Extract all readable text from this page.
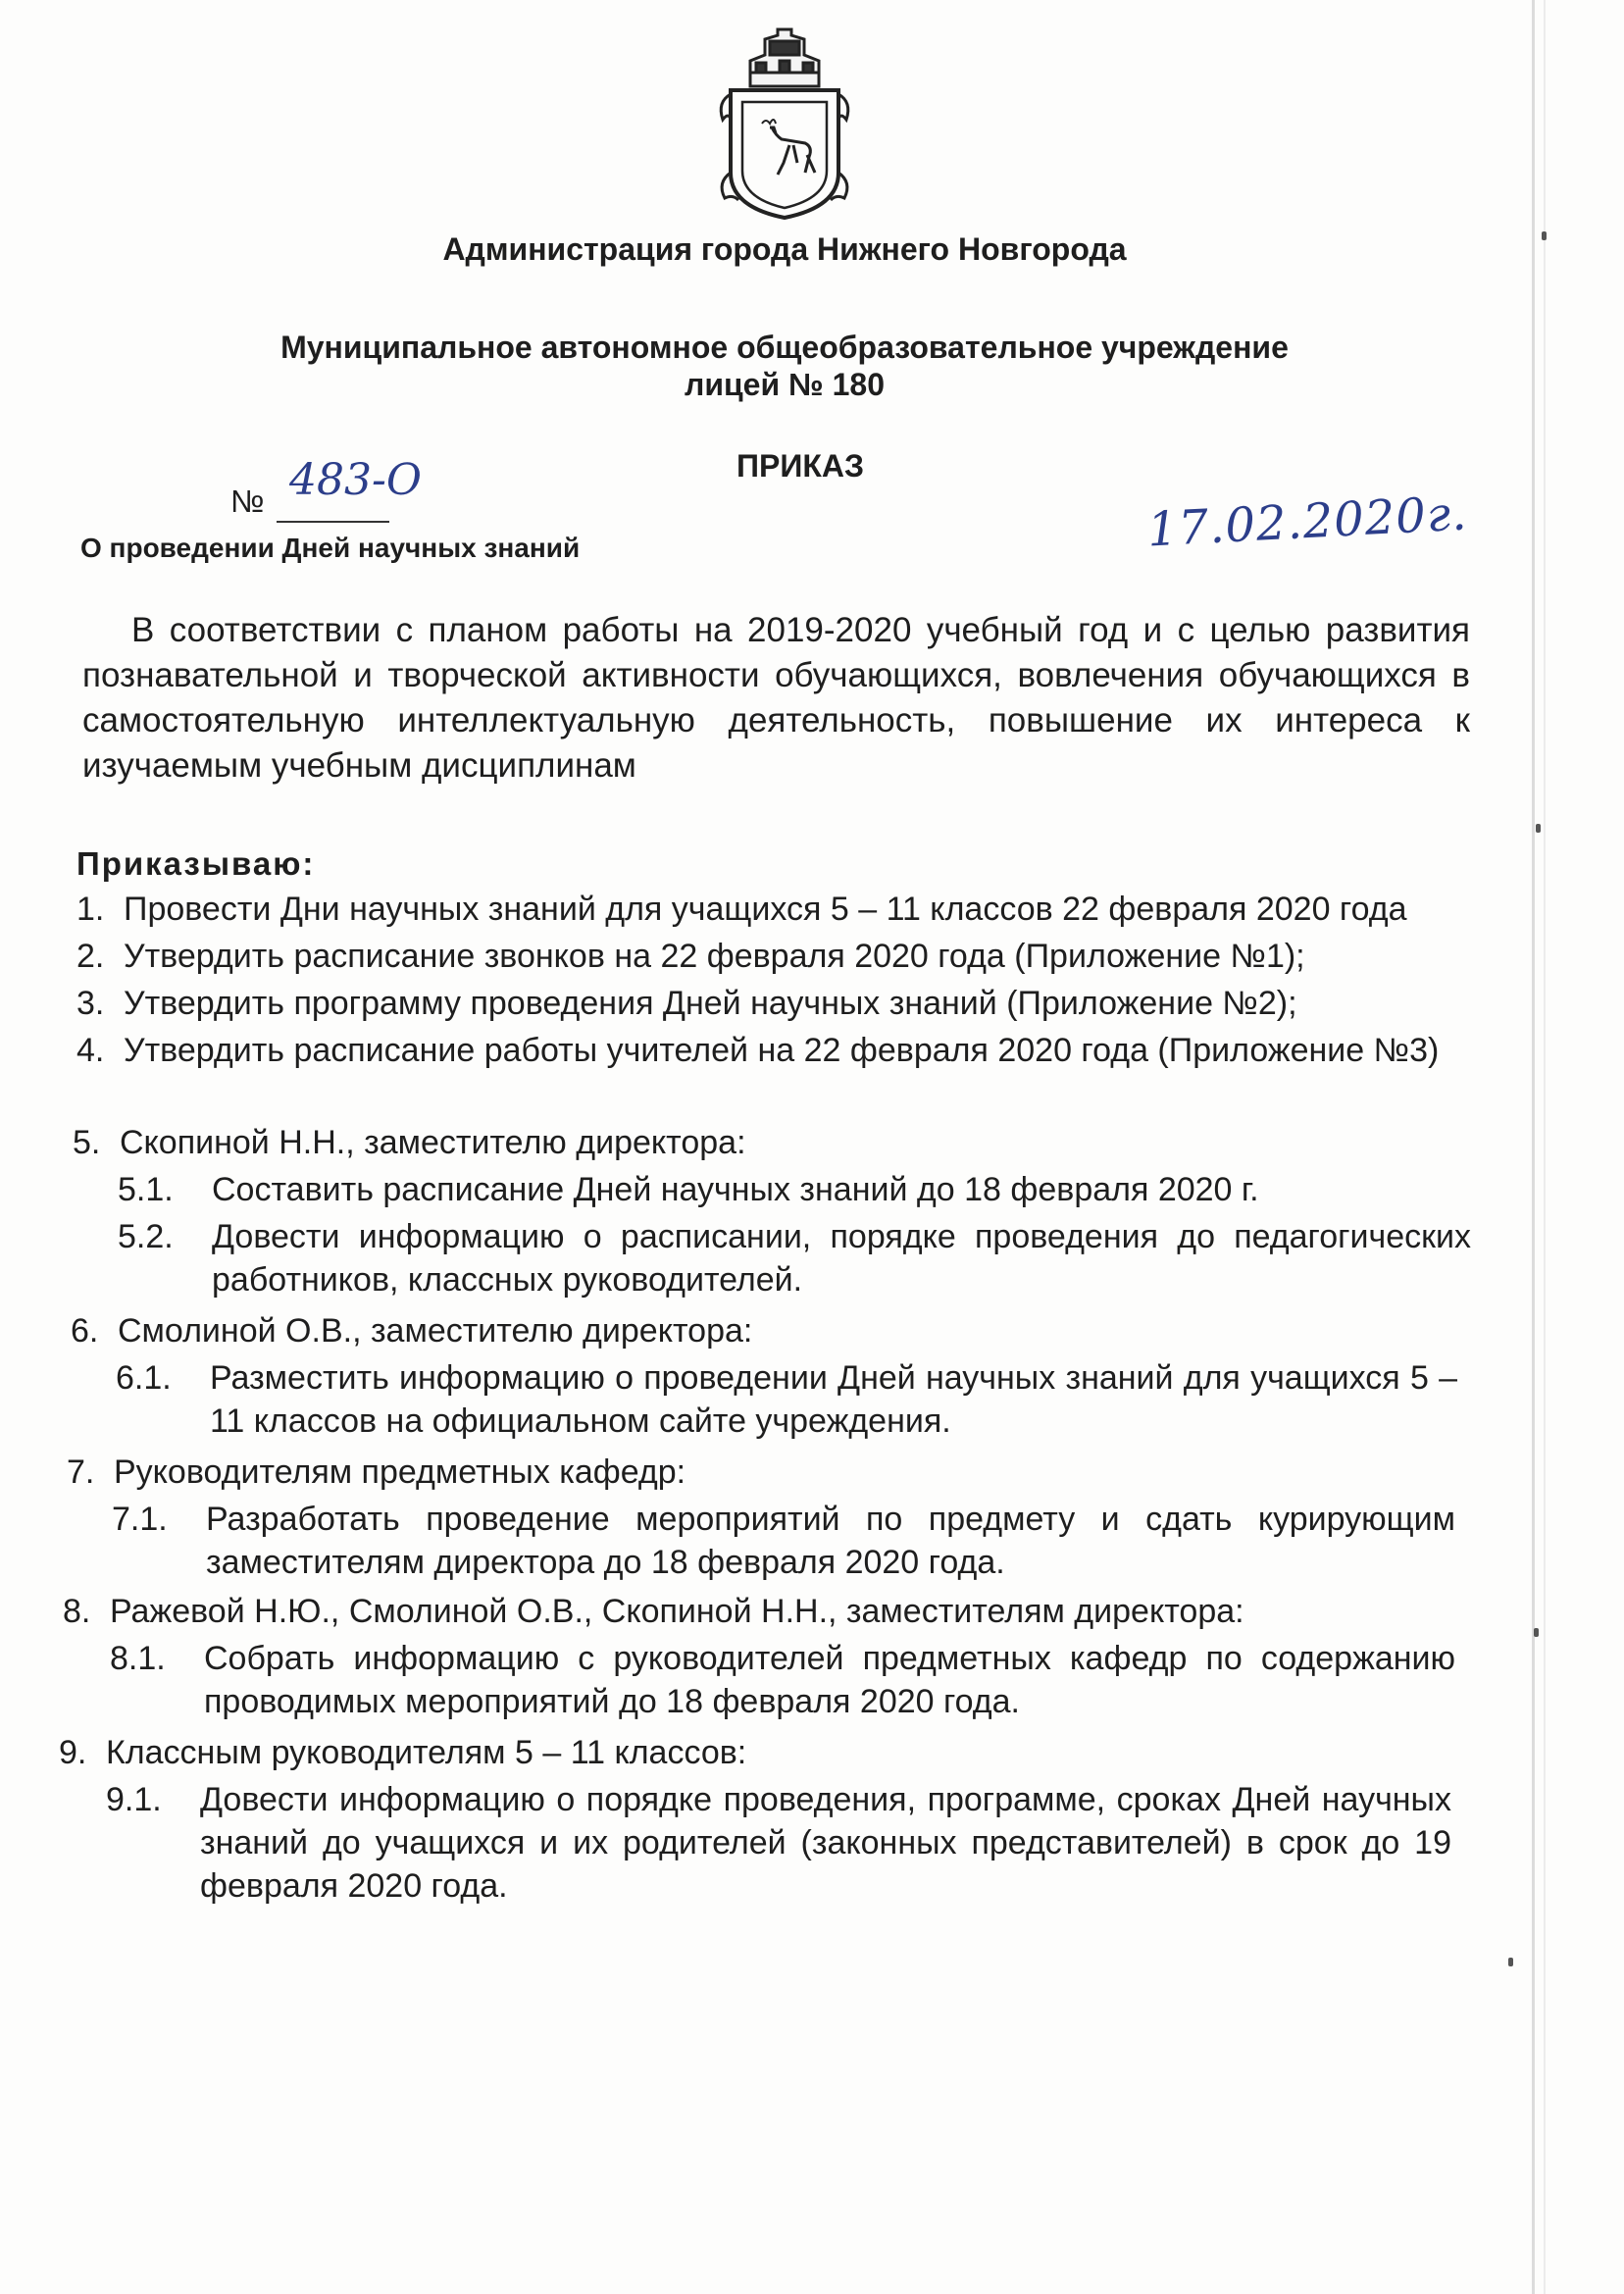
Администрация города Нижнего Новгорода
Муниципальное автономное общеобразовательное учреждение
лицей № 180
ПРИКАЗ
№ 483-О
17.02.2020г.
О проведении Дней научных знаний

В соответствии с планом работы на 2019-2020 учебный год и с целью развития познавательной и творческой активности обучающихся, вовлечения обучающихся в самостоятельную интеллектуальную деятельность, повышение их интереса к изучаемым учебным дисциплинам

Приказываю:
1. Провести Дни научных знаний для учащихся 5 – 11 классов 22 февраля 2020 года
2. Утвердить расписание звонков на 22 февраля 2020 года (Приложение №1);
3. Утвердить программу проведения Дней научных знаний (Приложение №2);
4. Утвердить расписание работы учителей на 22 февраля 2020 года (Приложение №3)
5. Скопиной Н.Н., заместителю директора:
5.1. Составить расписание Дней научных знаний до 18 февраля 2020 г.
5.2. Довести информацию о расписании, порядке проведения до педагогических работников, классных руководителей.
6. Смолиной О.В., заместителю директора:
6.1. Разместить информацию о проведении Дней научных знаний для учащихся 5 – 11 классов на официальном сайте учреждения.
7. Руководителям предметных кафедр:
7.1. Разработать проведение мероприятий по предмету и сдать курирующим заместителям директора до 18 февраля 2020 года.
8. Ражевой Н.Ю., Смолиной О.В., Скопиной Н.Н., заместителям директора:
8.1. Собрать информацию с руководителей предметных кафедр по содержанию проводимых мероприятий до 18 февраля 2020 года.
9. Классным руководителям 5 – 11 классов:
9.1. Довести информацию о порядке проведения, программе, сроках Дней научных знаний до учащихся и их родителей (законных представителей) в срок до 19 февраля 2020 года.
